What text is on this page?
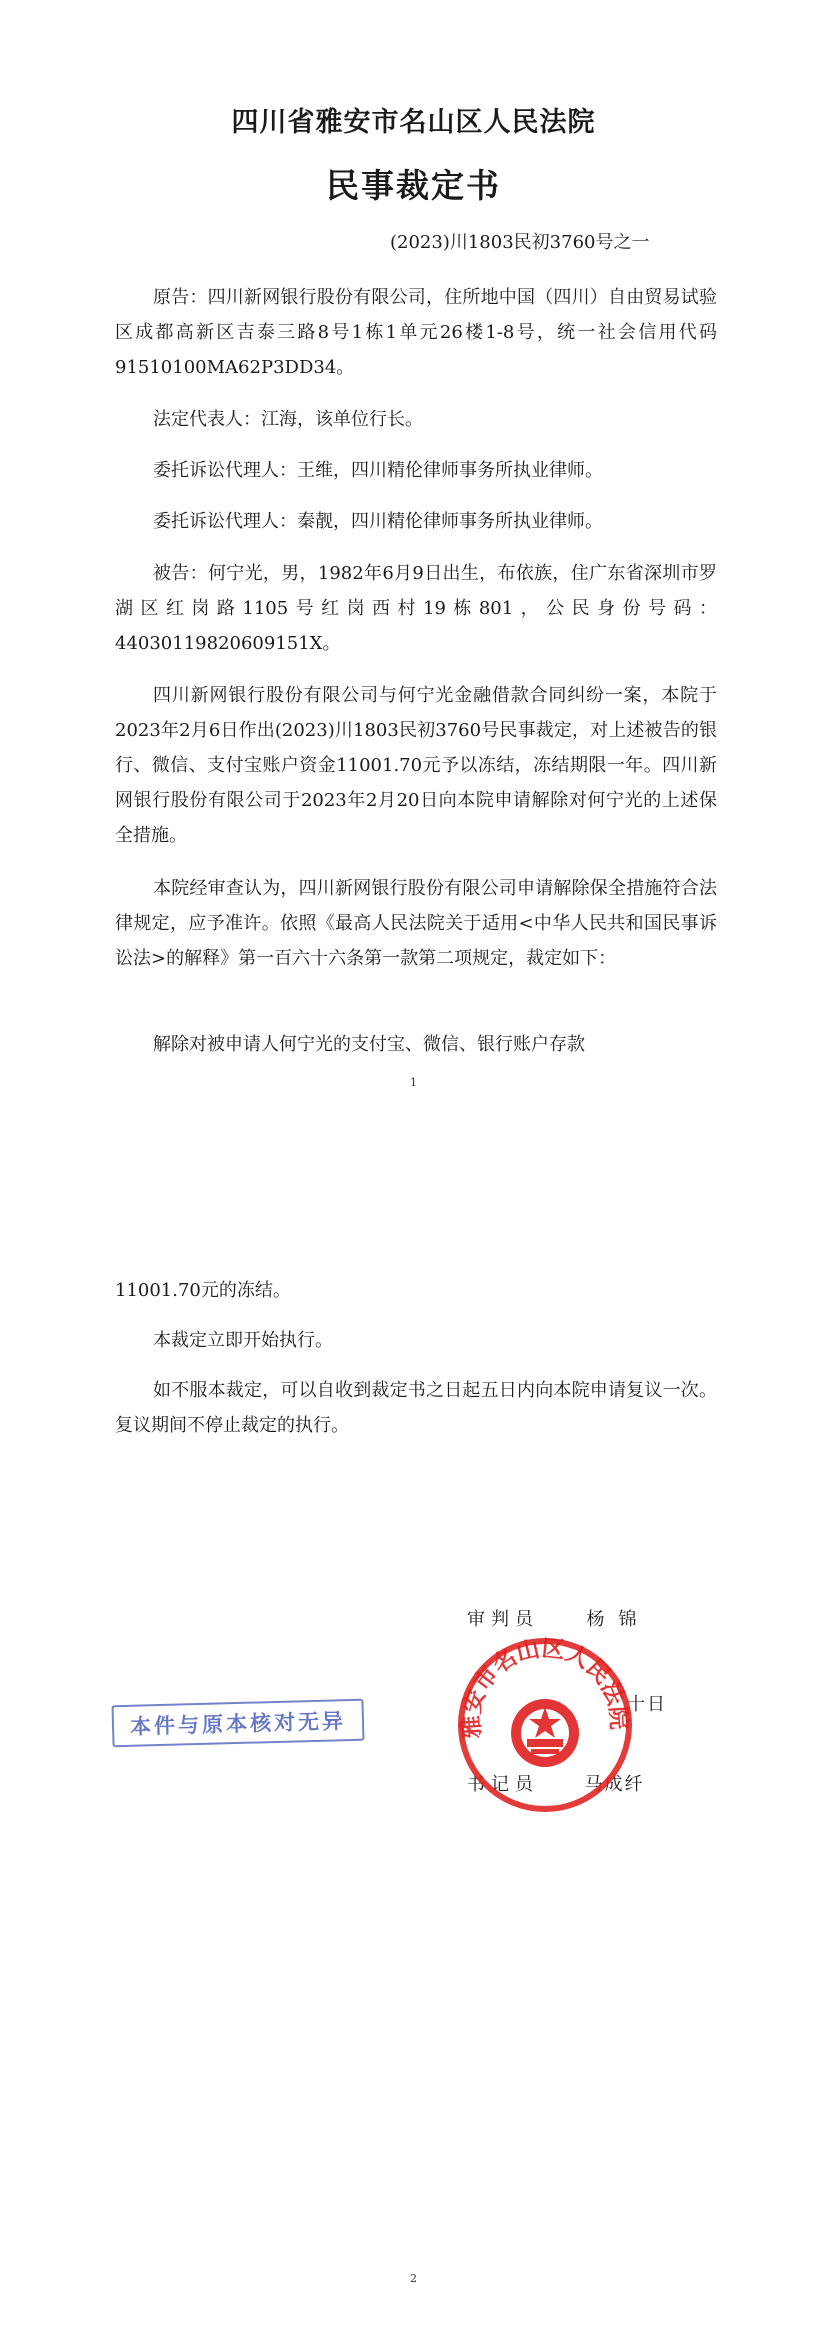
四川省雅安市名山区人民法院
民事裁定书
(2023)川1803民初3760号之一

原告：四川新网银行股份有限公司，住所地中国（四川）自由贸易试验区成都高新区吉泰三路8号1栋1单元26楼1-8号，统一社会信用代码91510100MA62P3DD34。

法定代表人：江海，该单位行长。

委托诉讼代理人：王维，四川精伦律师事务所执业律师。

委托诉讼代理人：秦靓，四川精伦律师事务所执业律师。

被告：何宁光，男，1982年6月9日出生，布依族，住广东省深圳市罗湖区红岗路1105号红岗西村19栋801，公民身份号码：44030119820609151X。

四川新网银行股份有限公司与何宁光金融借款合同纠纷一案，本院于2023年2月6日作出(2023)川1803民初3760号民事裁定，对上述被告的银行、微信、支付宝账户资金11001.70元予以冻结，冻结期限一年。四川新网银行股份有限公司于2023年2月20日向本院申请解除对何宁光的上述保全措施。

本院经审查认为，四川新网银行股份有限公司申请解除保全措施符合法律规定，应予准许。依照《最高人民法院关于适用<中华人民共和国民事诉讼法>的解释》第一百六十六条第一款第二项规定，裁定如下：

解除对被申请人何宁光的支付宝、微信、银行账户存款

1

11001.70元的冻结。

本裁定立即开始执行。

如不服本裁定，可以自收到裁定书之日起五日内向本院申请复议一次。复议期间不停止裁定的执行。

审判员	杨锦
十日
书记员	马成纤
本件与原本核对无异	雅安市名山区人民法院
2
